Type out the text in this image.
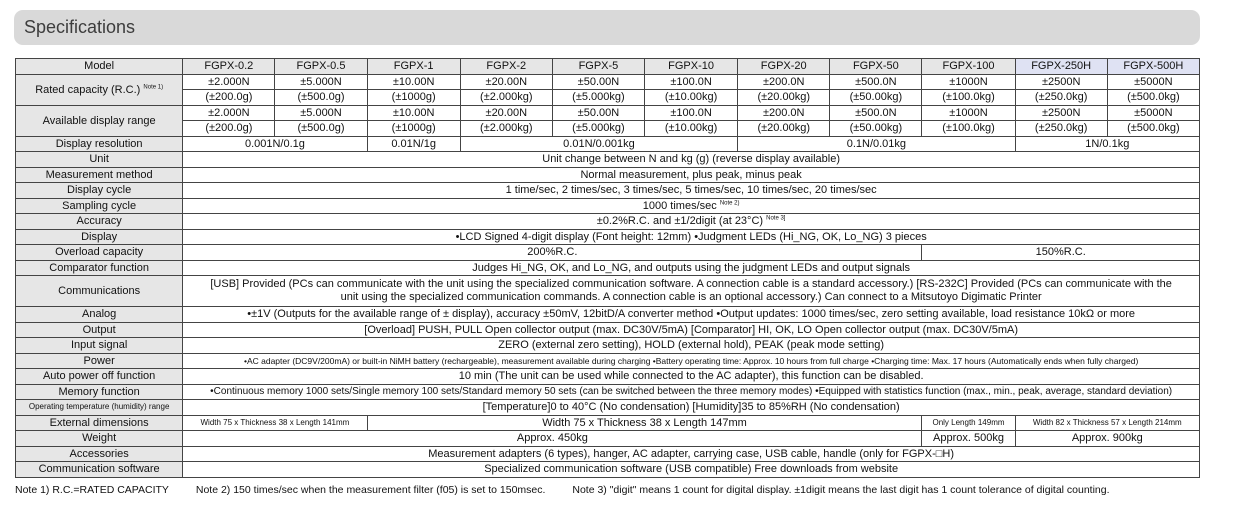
Specifications
Model	FGPX-0.2	FGPX-0.5	FGPX-1	FGPX-2	FGPX-5	FGPX-10	FGPX-20	FGPX-50	FGPX-100	FGPX-250H	FGPX-500H
Rated capacity (R.C.) $^{Note 1)}$	±2.000N	±5.000N	±10.00N	±20.00N	±50.00N	±100.0N	±200.0N	±500.0N	±1000N	±2500N	±5000N
	(±200.0g)	(±500.0g)	(±1000g)	(±2.000kg)	(±5.000kg)	(±10.00kg)	(±20.00kg)	(±50.00kg)	(±100.0kg)	(±250.0kg)	(±500.0kg)
Available display range	±2.000N	±5.000N	±10.00N	±20.00N	±50.00N	±100.0N	±200.0N	±500.0N	±1000N	±2500N	±5000N
	(±200.0g)	(±500.0g)	(±1000g)	(±2.000kg)	(±5.000kg)	(±10.00kg)	(±20.00kg)	(±50.00kg)	(±100.0kg)	(±250.0kg)	(±500.0kg)
Display resolution	0.001N/0.1g		0.01N/1g	0.01N/0.001kg			0.1N/0.01kg			1N/0.1kg	
Unit	Unit change between N and kg (g) (reverse display available)										
Measurement method	Normal measurement, plus peak, minus peak										
Display cycle	1 time/sec, 2 times/sec, 3 times/sec, 5 times/sec, 10 times/sec, 20 times/sec										
Sampling cycle	1000 times/sec $^{Note 2)}$
Accuracy	±0.2%R.C. and ±1/2digit (at 23°C) $^{Note 3]}$
Display	•LCD Signed 4-digit display (Font height: 12mm) •Judgment LEDs (Hi_NG, OK, Lo_NG) 3 pieces										
Overload capacity	200%R.C.								150%R.C.		
Comparator function	Judges Hi_NG, OK, and Lo_NG, and outputs using the judgment LEDs and output signals										
Communications	[USB] Provided (PCs can communicate with the unit using the specialized communication software. A connection cable is a standard accessory.) [RS-232C] Provided (PCs can communicate with the
unit using the specialized communication commands. A connection cable is an optional accessory.) Can connect to a Mitsutoyo Digimatic Printer										

Analog	•±1V (Outputs for the available range of ± display), accuracy ±50mV, 12bitD/A converter method •Output updates: 1000 times/sec, zero setting available, load resistance 10kΩ or more										
Output	[Overload] PUSH, PULL Open collector output (max. DC30V/5mA) [Comparator] HI, OK, LO Open collector output (max. DC30V/5mA)										
Input signal	ZERO (external zero setting), HOLD (external hold), PEAK (peak mode setting)										
Power	•AC adapter (DC9V/200mA) or built-in NiMH battery (rechargeable), measurement available during charging •Battery operating time: Approx. 10 hours from full charge •Charging time: Max. 17 hours (Automatically ends when fully charged)										
Auto power off function	10 min (The unit can be used while connected to the AC adapter), this function can be disabled.										
Memory function	•Continuous memory 1000 sets/Single memory 100 sets/Standard memory 50 sets (can be switched between the three memory modes) •Equipped with statistics function (max., min., peak, average, standard deviation)										
Operating temperature (humidity) range	[Temperature]0 to 40°C (No condensation) [Humidity]35 to 85%RH (No condensation)										
External dimensions	Width 75 x Thickness 38 x Length 141mm		Width 75 x Thickness 38 x Length 147mm						Only Length 149mm	Width 82 x Thickness 57 x Length 214mm	
Weight	Approx. 450kg								Approx. 500kg	Approx. 900kg	
Accessories	Measurement adapters (6 types), hanger, AC adapter, carrying case, USB cable, handle (only for FGPX-□H)										
Communication software	Specialized communication software (USB compatible) Free downloads from website										
Note 1) R.C.=RATED CAPACITY	Note 2) 150 times/sec when the measurement filter (f05) is set to 150msec.	Note 3) "digit" means 1 count for digital display. ±1digit means the last digit has 1 count tolerance of digital counting.
